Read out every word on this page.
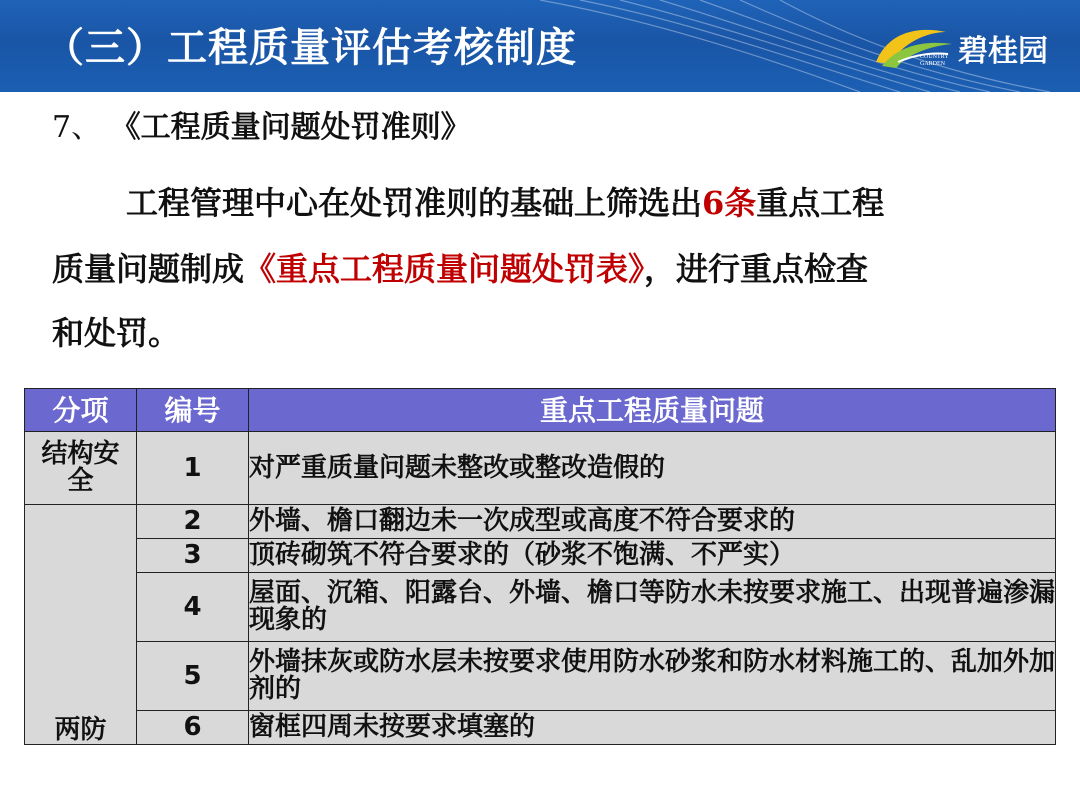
（三）工程质量评估考核制度	碧桂园
COUNTRY
GARDEN
7、 《工程质量问题处罚准则》
工程管理中心在处罚准则的基础上筛选出6条重点工程
质量问题制成《重点工程质量问题处罚表》，进行重点检查
和处罚。
分项	编号	重点工程质量问题
结构安全	1	对严重质量问题未整改或整改造假的
两防	2	外墙、檐口翻边未一次成型或高度不符合要求的
	3	顶砖砌筑不符合要求的（砂浆不饱满、不严实）
	4	屋面、沉箱、阳露台、外墙、檐口等防水未按要求施工、出现普遍渗漏现象的
	5	外墙抹灰或防水层未按要求使用防水砂浆和防水材料施工的、乱加外加剂的
	6	窗框四周未按要求填塞的
